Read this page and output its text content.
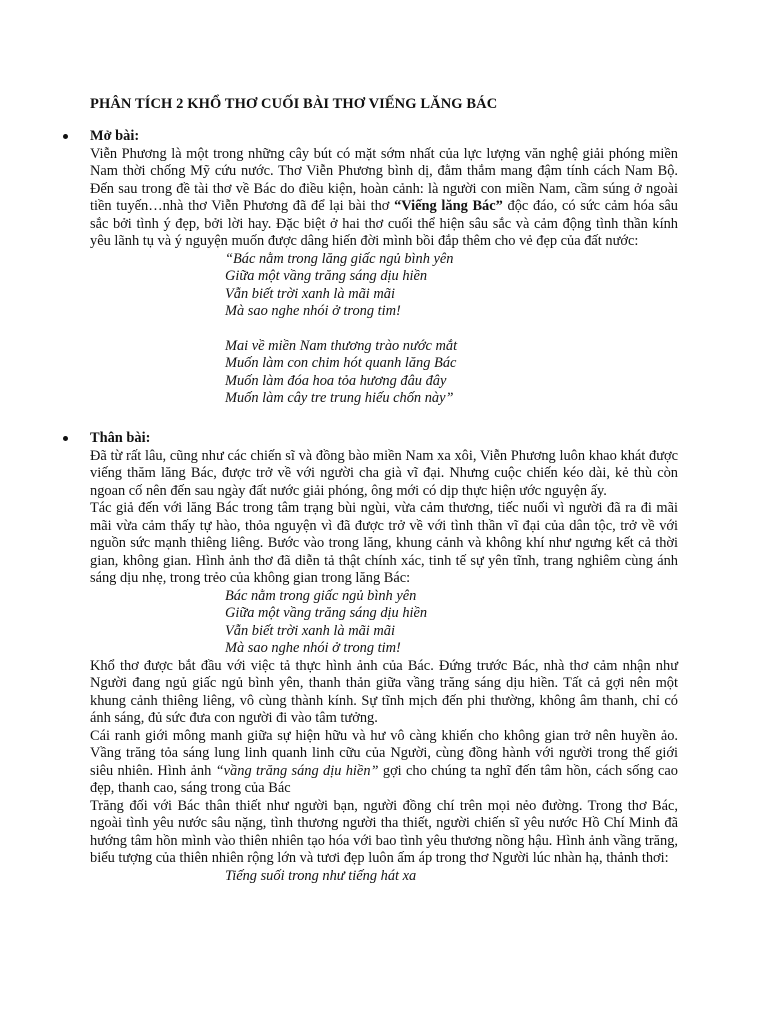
PHÂN TÍCH 2 KHỔ THƠ CUỐI BÀI THƠ VIẾNG LĂNG BÁC

Mở bài:

Viễn Phương là một trong những cây bút có mặt sớm nhất của lực lượng văn nghệ giải phóng miền Nam thời chống Mỹ cứu nước. Thơ Viễn Phương bình dị, đằm thắm mang đậm tính cách Nam Bộ. Đến sau trong đề tài thơ về Bác do điều kiện, hoàn cảnh: là người con miền Nam, cầm súng ở ngoài tiền tuyến…nhà thơ Viễn Phương đã để lại bài thơ “Viếng lăng Bác” độc đáo, có sức cảm hóa sâu sắc bởi tình ý đẹp, bởi lời hay. Đặc biệt ở hai thơ cuối thể hiện sâu sắc và cảm động tình thần kính yêu lãnh tụ và ý nguyện muốn được dâng hiến đời mình bồi đắp thêm cho vẻ đẹp của đất nước:

“Bác nằm trong lăng giấc ngủ bình yên

Giữa một vầng trăng sáng dịu hiền

Vẫn biết trời xanh là mãi mãi

Mà sao nghe nhói ở trong tim!

Mai về miền Nam thương trào nước mắt

Muốn làm con chim hót quanh lăng Bác

Muốn làm đóa hoa tỏa hương đâu đây

Muốn làm cây tre trung hiếu chốn này”

Thân bài:

Đã từ rất lâu, cũng như các chiến sĩ và đồng bào miền Nam xa xôi, Viễn Phương luôn khao khát được viếng thăm lăng Bác, được trở về với người cha già vĩ đại. Nhưng cuộc chiến kéo dài, kẻ thù còn ngoan cố nên đến sau ngày đất nước giải phóng, ông mới có dịp thực hiện ước nguyện ấy.

Tác giả đến với lăng Bác trong tâm trạng bùi ngùi, vừa cảm thương, tiếc nuối vì người đã ra đi mãi mãi vừa cảm thấy tự hào, thỏa nguyện vì đã được trở về với tình thần vĩ đại của dân tộc, trở về với nguồn sức mạnh thiêng liêng. Bước vào trong lăng, khung cảnh và không khí như ngưng kết cả thời gian, không gian. Hình ảnh thơ đã diễn tả thật chính xác, tinh tế sự yên tĩnh, trang nghiêm cùng ánh sáng dịu nhẹ, trong trẻo của không gian trong lăng Bác:

Bác nằm trong giấc ngủ bình yên

Giữa một vầng trăng sáng dịu hiền

Vẫn biết trời xanh là mãi mãi

Mà sao nghe nhói ở trong tim!

Khổ thơ được bắt đầu với việc tả thực hình ảnh của Bác. Đứng trước Bác, nhà thơ cảm nhận như Người đang ngủ giấc ngủ bình yên, thanh thản giữa vầng trăng sáng dịu hiền. Tất cả gợi nên một khung cảnh thiêng liêng, vô cùng thành kính. Sự tĩnh mịch đến phi thường, không âm thanh, chỉ có ánh sáng, đủ sức đưa con người đi vào tâm tưởng.

Cái ranh giới mông manh giữa sự hiện hữu và hư vô càng khiến cho không gian trở nên huyền ảo. Vầng trăng tỏa sáng lung linh quanh linh cữu của Người, cùng đồng hành với người trong thế giới siêu nhiên. Hình ảnh “vầng trăng sáng dịu hiền” gợi cho chúng ta nghĩ đến tâm hồn, cách sống cao đẹp, thanh cao, sáng trong của Bác

Trăng đối với Bác thân thiết như người bạn, người đồng chí trên mọi nẻo đường. Trong thơ Bác, ngoài tình yêu nước sâu nặng, tình thương người tha thiết, người chiến sĩ yêu nước Hồ Chí Minh đã hướng tâm hồn mình vào thiên nhiên tạo hóa với bao tình yêu thương nồng hậu. Hình ảnh vầng trăng, biểu tượng của thiên nhiên rộng lớn và tươi đẹp luôn ấm áp trong thơ Người lúc nhàn hạ, thảnh thơi:

Tiếng suối trong như tiếng hát xa
